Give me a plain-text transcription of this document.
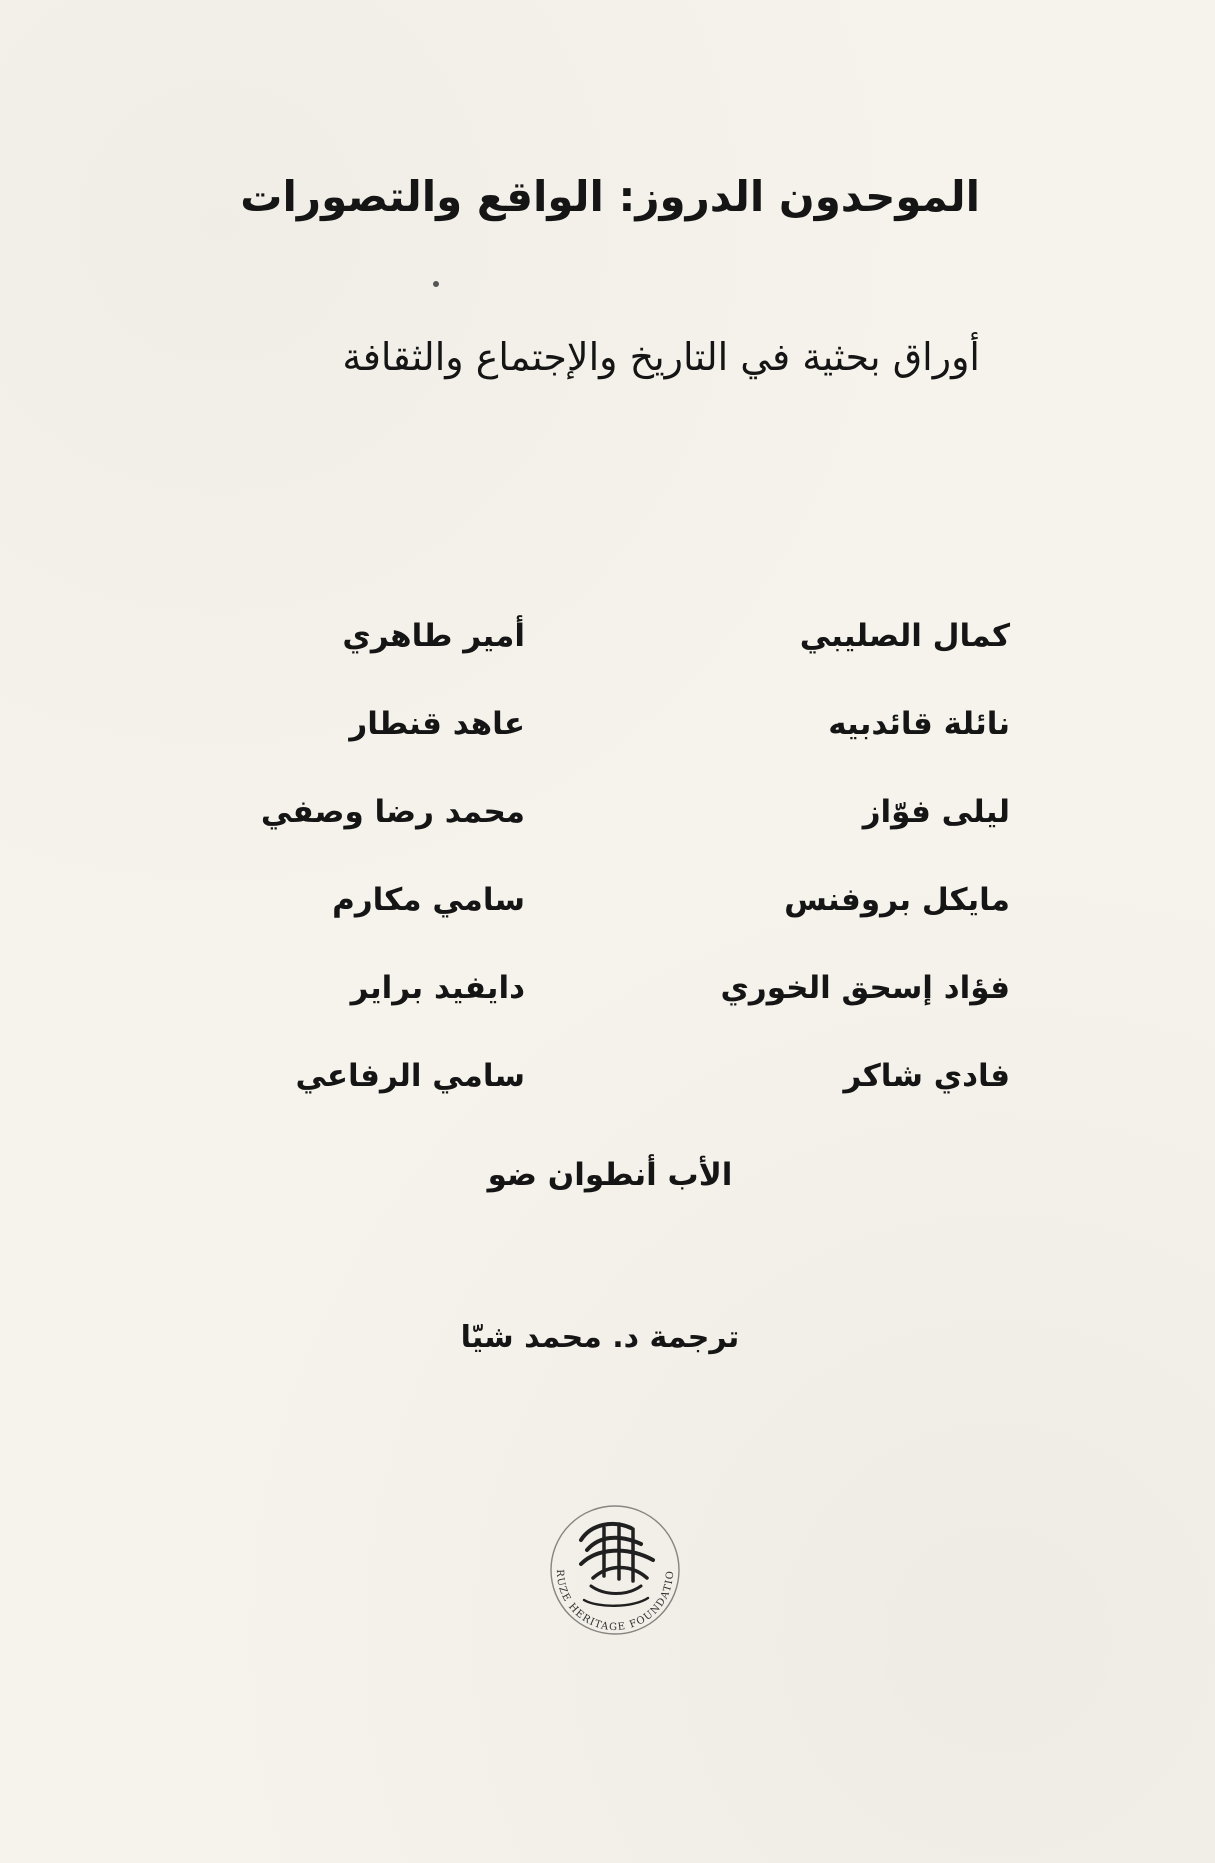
الموحدون الدروز: الواقع والتصورات
أوراق بحثية في التاريخ والإجتماع والثقافة
كمال الصليبي
أمير طاهري
نائلة قائدبيه
عاهد قنطار
ليلى فوّاز
محمد رضا وصفي
مايكل بروفنس
سامي مكارم
فؤاد إسحق الخوري
دايفيد براير
فادي شاكر
سامي الرفاعي
الأب أنطوان ضو
ترجمة د. محمد شيّا
RUZE HERITAGE FOUNDATIO
